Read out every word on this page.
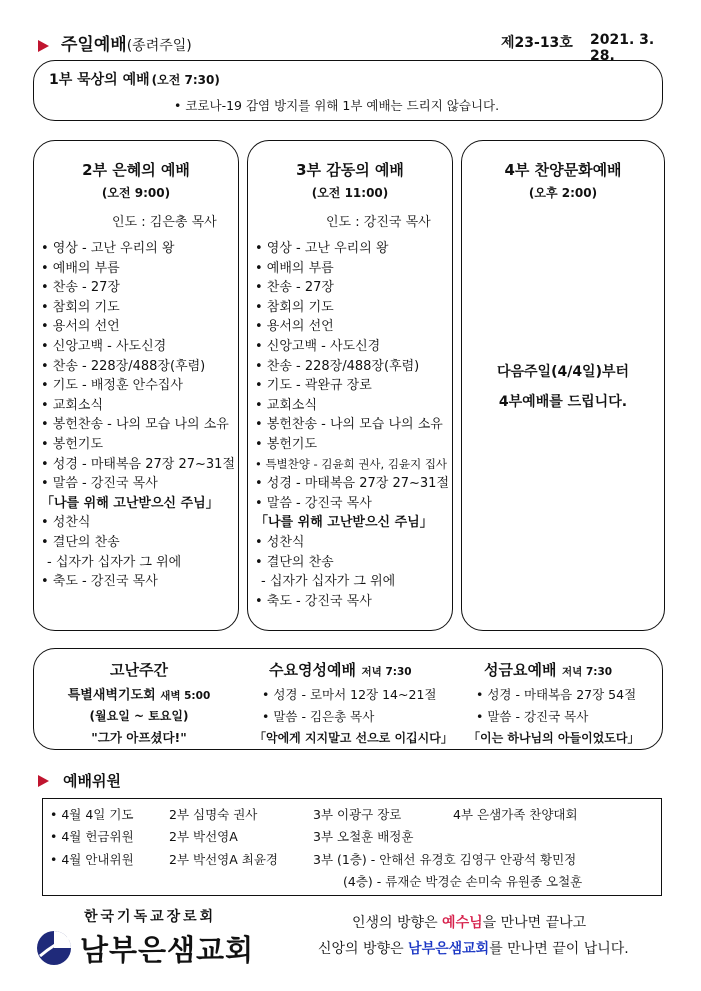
주일예배(종려주일)	제23-13호 2021. 3. 28.
1부 묵상의 예배 (오전 7:30)
• 코로나-19 감염 방지를 위해 1부 예배는 드리지 않습니다.
2부 은혜의 예배
(오전 9:00)
인도 : 김은총 목사
• 영상 - 고난 우리의 왕
• 예배의 부름
• 찬송 - 27장
• 참회의 기도
• 용서의 선언
• 신앙고백 - 사도신경
• 찬송 - 228장/488장(후렴)
• 기도 - 배정훈 안수집사
• 교회소식
• 봉헌찬송 - 나의 모습 나의 소유
• 봉헌기도
• 성경 - 마태복음 27장 27~31절
• 말씀 - 강진국 목사
「나를 위해 고난받으신 주님」
• 성찬식
• 결단의 찬송
- 십자가 십자가 그 위에
• 축도 - 강진국 목사
3부 감동의 예배
(오전 11:00)
인도 : 강진국 목사
• 영상 - 고난 우리의 왕
• 예배의 부름
• 찬송 - 27장
• 참회의 기도
• 용서의 선언
• 신앙고백 - 사도신경
• 찬송 - 228장/488장(후렴)
• 기도 - 곽완규 장로
• 교회소식
• 봉헌찬송 - 나의 모습 나의 소유
• 봉헌기도
• 특별찬양 - 김윤희 권사, 김윤지 집사
• 성경 - 마태복음 27장 27~31절
• 말씀 - 강진국 목사
「나를 위해 고난받으신 주님」
• 성찬식
• 결단의 찬송
- 십자가 십자가 그 위에
• 축도 - 강진국 목사
4부 찬양문화예배
(오후 2:00)
다음주일(4/4일)부터
4부예배를 드립니다.
고난주간
특별새벽기도회 새벽 5:00
(월요일 ~ 토요일)
"그가 아프셨다!"
수요영성예배 저녁 7:30
• 성경 - 로마서 12장 14~21절
• 말씀 - 김은총 목사
「악에게 지지말고 선으로 이깁시다」
성금요예배 저녁 7:30
• 성경 - 마태복음 27장 54절
• 말씀 - 강진국 목사
「이는 하나님의 아들이었도다」
예배위원
• 4월 4일 기도	2부 심명숙 권사	3부 이광구 장로	4부 은샘가족 찬양대회
• 4월 헌금위원	2부 박선영A	3부 오철훈 배정훈
• 4월 안내위원	2부 박선영A 최윤경	3부 (1층) - 안해선 유경호 김영구 안광석 황민정
(4층) - 류재순 박경순 손미숙 유원종 오철훈
한국기독교장로회
남부은샘교회
인생의 방향은 예수님을 만나면 끝나고
신앙의 방향은 남부은샘교회를 만나면 끝이 납니다.
